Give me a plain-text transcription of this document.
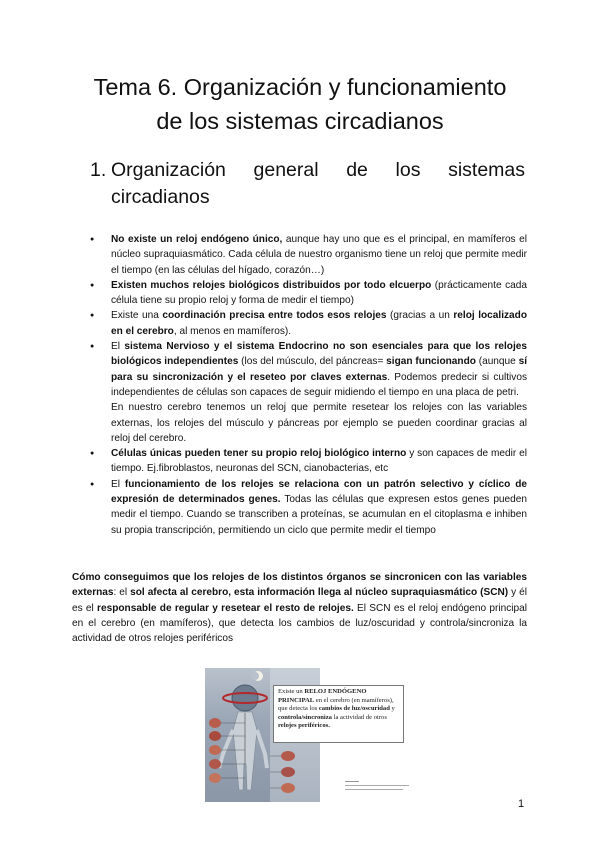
Tema 6. Organización y funcionamiento
de los sistemas circadianos
1. Organización general de los sistemas
circadianos
● No existe un reloj endógeno único, aunque hay uno que es el principal, en mamíferos el núcleo supraquiasmático. Cada célula de nuestro organismo tiene un reloj que permite medir el tiempo (en las células del hígado, corazón…)
● Existen muchos relojes biológicos distribuidos por todo elcuerpo (prácticamente cada célula tiene su propio reloj y forma de medir el tiempo)
● Existe una coordinación precisa entre todos esos relojes (gracias a un reloj localizado en el cerebro, al menos en mamíferos).

● El sistema Nervioso y el sistema Endocrino no son esenciales para que los relojes biológicos independientes (los del músculo, del páncreas= sigan funcionando (aunque sí para su sincronización y el reseteo por claves externas. Podemos predecir si cultivos independientes de células son capaces de seguir midiendo el tiempo en una placa de petri.

En nuestro cerebro tenemos un reloj que permite resetear los relojes con las variables externas, los relojes del músculo y páncreas por ejemplo se pueden coordinar gracias al reloj del cerebro.

● Células únicas pueden tener su propio reloj biológico interno y son capaces de medir el tiempo. Ej.fibroblastos, neuronas del SCN, cianobacterias, etc
● El funcionamiento de los relojes se relaciona con un patrón selectivo y cíclico de expresión de determinados genes. Todas las células que expresen estos genes pueden medir el tiempo. Cuando se transcriben a proteínas, se acumulan en el citoplasma e inhiben su propia transcripción, permitiendo un ciclo que permite medir el tiempo

Cómo conseguimos que los relojes de los distintos órganos se sincronicen con las variables externas: el sol afecta al cerebro, esta información llega al núcleo supraquiasmático (SCN) y él es el responsable de regular y resetear el resto de relojes. El SCN es el reloj endógeno principal en el cerebro (en mamíferos), que detecta los cambios de luz/oscuridad y controla/sincroniza la actividad de otros relojes periféricos

Existe un RELOJ ENDÓGENO PRINCIPAL en el cerebro (en mamíferos), que detecta los cambios de luz/oscuridad y controla/sincroniza la actividad de otros relojes periféricos.
1
